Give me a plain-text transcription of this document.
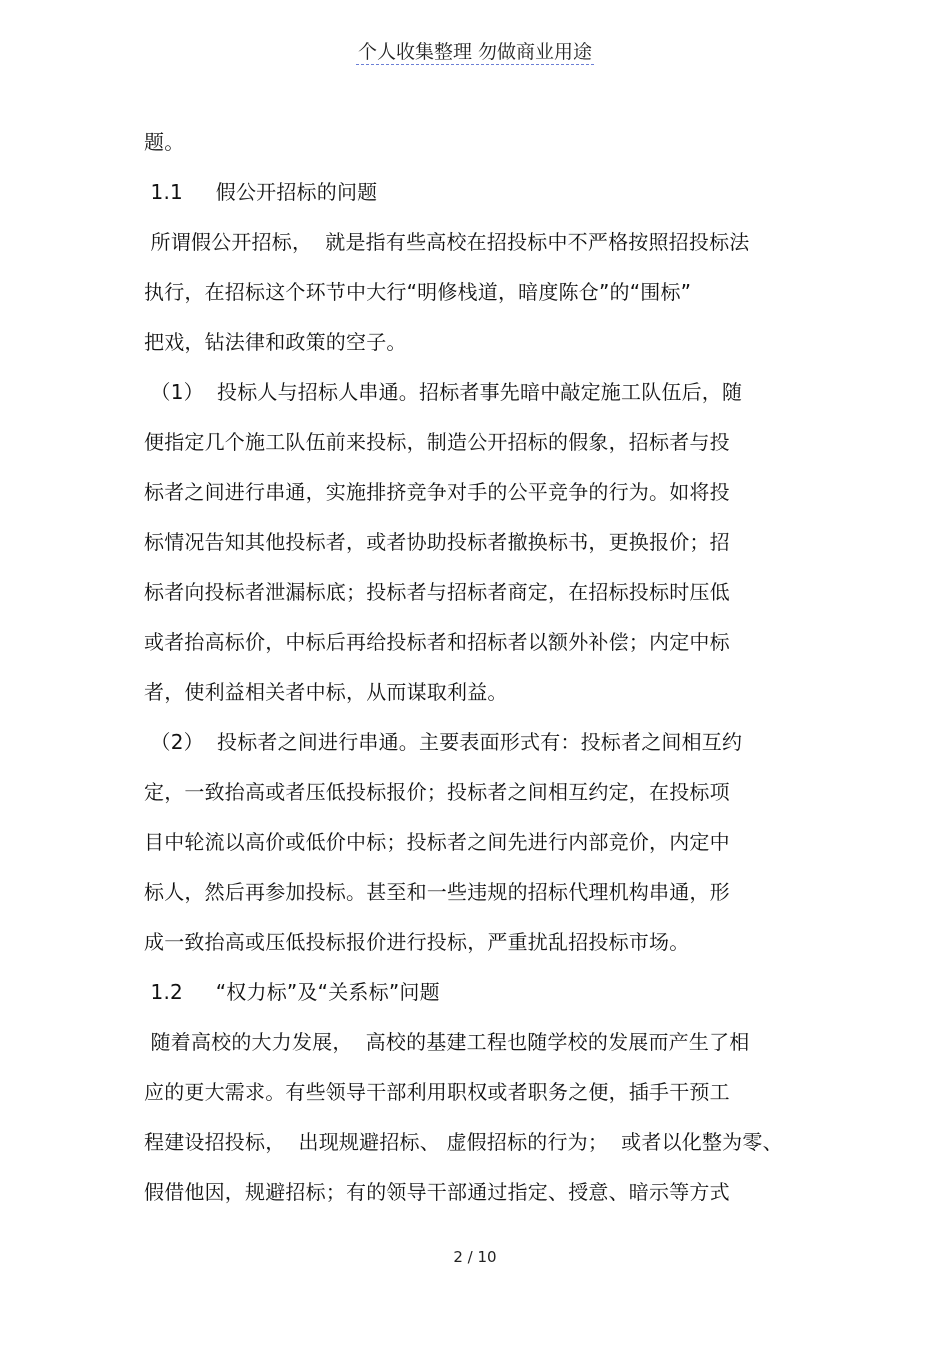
个人收集整理 勿做商业用途
题。
1.1     假公开招标的问题
所谓假公开招标，  就是指有些高校在招投标中不严格按照招投标法
执行，在招标这个环节中大行“明修栈道，暗度陈仓”的“围标”
把戏，钻法律和政策的空子。
（1）  投标人与招标人串通。招标者事先暗中敲定施工队伍后，随
便指定几个施工队伍前来投标，制造公开招标的假象，招标者与投
标者之间进行串通，实施排挤竞争对手的公平竞争的行为。如将投
标情况告知其他投标者，或者协助投标者撤换标书，更换报价；招
标者向投标者泄漏标底；投标者与招标者商定，在招标投标时压低
或者抬高标价，中标后再给投标者和招标者以额外补偿；内定中标
者，使利益相关者中标，从而谋取利益。
（2）  投标者之间进行串通。主要表面形式有：投标者之间相互约
定，一致抬高或者压低投标报价；投标者之间相互约定，在投标项
目中轮流以高价或低价中标；投标者之间先进行内部竞价，内定中
标人，然后再参加投标。甚至和一些违规的招标代理机构串通，形
成一致抬高或压低投标报价进行投标，严重扰乱招投标市场。
1.2     “权力标”及“关系标”问题
随着高校的大力发展，  高校的基建工程也随学校的发展而产生了相
应的更大需求。有些领导干部利用职权或者职务之便，插手干预工
程建设招投标，  出现规避招标、 虚假招标的行为；  或者以化整为零、
假借他因，规避招标；有的领导干部通过指定、授意、暗示等方式
2 / 10
